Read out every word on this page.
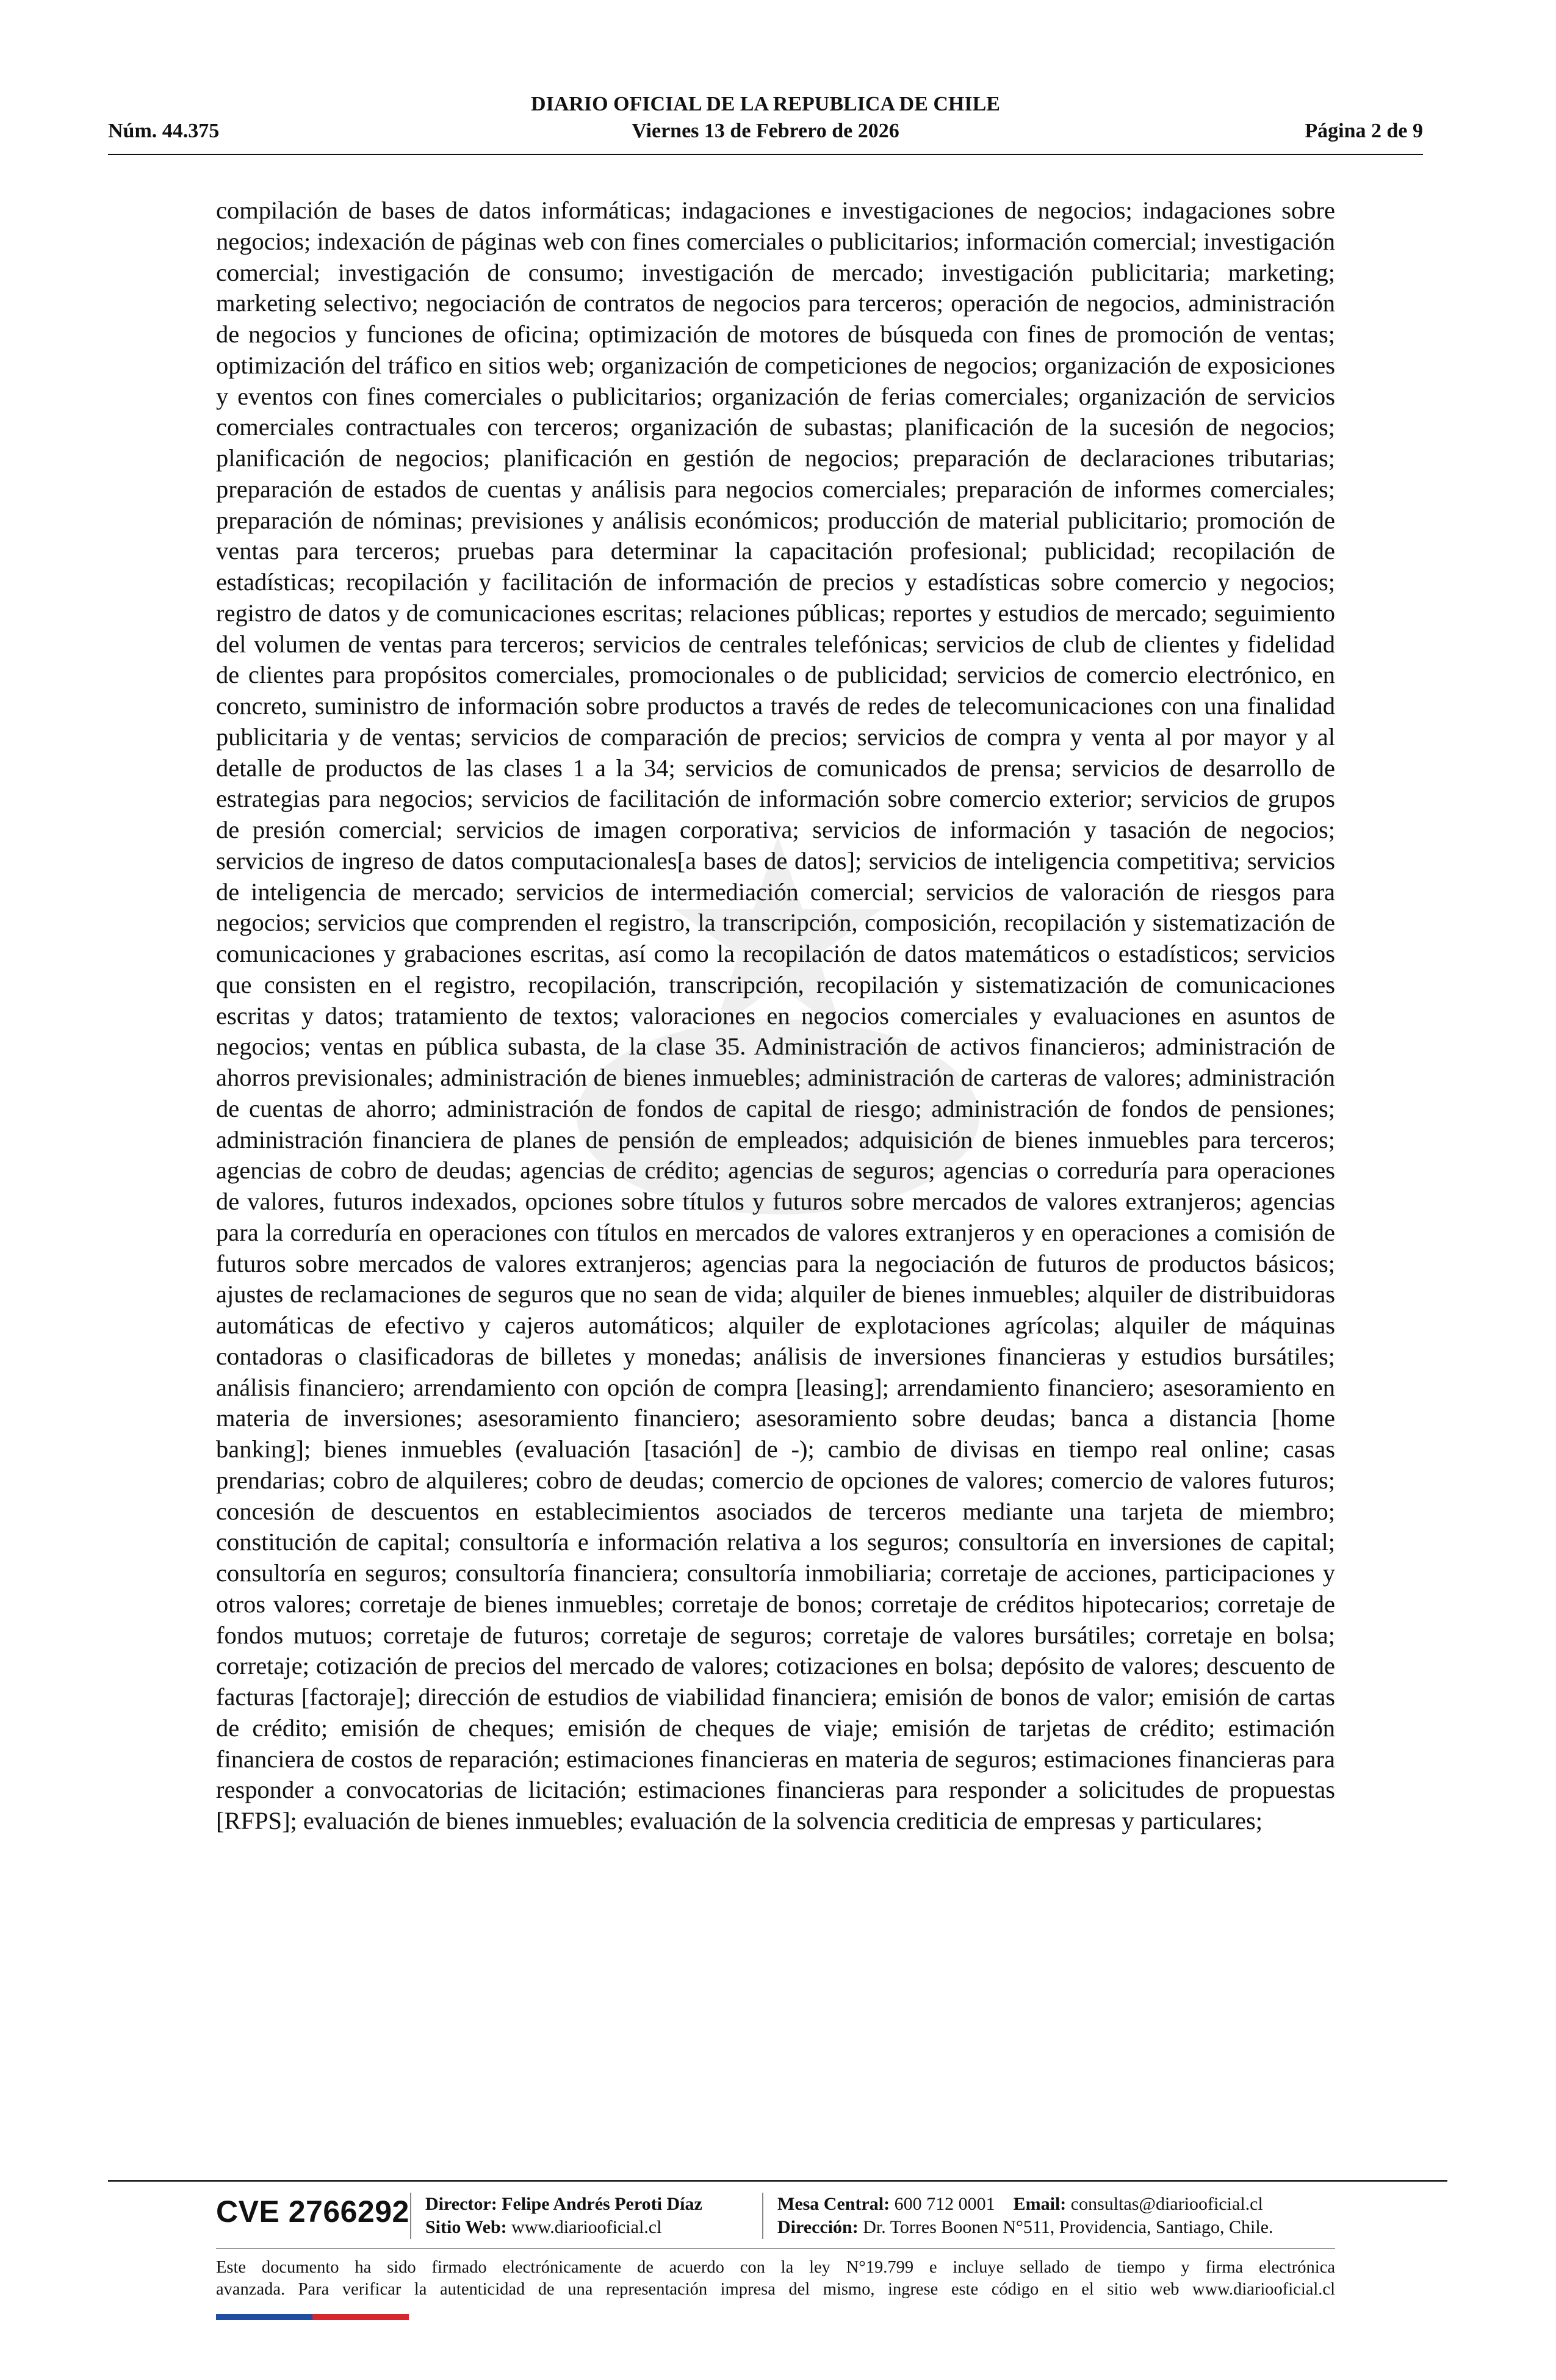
DIARIO OFICIAL DE LA REPUBLICA DE CHILE
Núm. 44.375	Viernes 13 de Febrero de 2026	Página 2 de 9
compilación de bases de datos informáticas; indagaciones e investigaciones de negocios; indagaciones sobre negocios; indexación de páginas web con fines comerciales o publicitarios; información comercial; investigación comercial; investigación de consumo; investigación de mercado; investigación publicitaria; marketing; marketing selectivo; negociación de contratos de negocios para terceros; operación de negocios, administración de negocios y funciones de oficina; optimización de motores de búsqueda con fines de promoción de ventas; optimización del tráfico en sitios web; organización de competiciones de negocios; organización de exposiciones y eventos con fines comerciales o publicitarios; organización de ferias comerciales; organización de servicios comerciales contractuales con terceros; organización de subastas; planificación de la sucesión de negocios; planificación de negocios; planificación en gestión de negocios; preparación de declaraciones tributarias; preparación de estados de cuentas y análisis para negocios comerciales; preparación de informes comerciales; preparación de nóminas; previsiones y análisis económicos; producción de material publicitario; promoción de ventas para terceros; pruebas para determinar la capacitación profesional; publicidad; recopilación de estadísticas; recopilación y facilitación de información de precios y estadísticas sobre comercio y negocios; registro de datos y de comunicaciones escritas; relaciones públicas; reportes y estudios de mercado; seguimiento del volumen de ventas para terceros; servicios de centrales telefónicas; servicios de club de clientes y fidelidad de clientes para propósitos comerciales, promocionales o de publicidad; servicios de comercio electrónico, en concreto, suministro de información sobre productos a través de redes de telecomunicaciones con una finalidad publicitaria y de ventas; servicios de comparación de precios; servicios de compra y venta al por mayor y al detalle de productos de las clases 1 a la 34; servicios de comunicados de prensa; servicios de desarrollo de estrategias para negocios; servicios de facilitación de información sobre comercio exterior; servicios de grupos de presión comercial; servicios de imagen corporativa; servicios de información y tasación de negocios; servicios de ingreso de datos computacionales[a bases de datos]; servicios de inteligencia competitiva; servicios de inteligencia de mercado; servicios de intermediación comercial; servicios de valoración de riesgos para negocios; servicios que comprenden el registro, la transcripción, composición, recopilación y sistematización de comunicaciones y grabaciones escritas, así como la recopilación de datos matemáticos o estadísticos; servicios que consisten en el registro, recopilación, transcripción, recopilación y sistematización de comunicaciones escritas y datos; tratamiento de textos; valoraciones en negocios comerciales y evaluaciones en asuntos de negocios; ventas en pública subasta, de la clase 35. Administración de activos financieros; administración de ahorros previsionales; administración de bienes inmuebles; administración de carteras de valores; administración de cuentas de ahorro; administración de fondos de capital de riesgo; administración de fondos de pensiones; administración financiera de planes de pensión de empleados; adquisición de bienes inmuebles para terceros; agencias de cobro de deudas; agencias de crédito; agencias de seguros; agencias o correduría para operaciones de valores, futuros indexados, opciones sobre títulos y futuros sobre mercados de valores extranjeros; agencias para la correduría en operaciones con títulos en mercados de valores extranjeros y en operaciones a comisión de futuros sobre mercados de valores extranjeros; agencias para la negociación de futuros de productos básicos; ajustes de reclamaciones de seguros que no sean de vida; alquiler de bienes inmuebles; alquiler de distribuidoras automáticas de efectivo y cajeros automáticos; alquiler de explotaciones agrícolas; alquiler de máquinas contadoras o clasificadoras de billetes y monedas; análisis de inversiones financieras y estudios bursátiles; análisis financiero; arrendamiento con opción de compra [leasing]; arrendamiento financiero; asesoramiento en materia de inversiones; asesoramiento financiero; asesoramiento sobre deudas; banca a distancia [home banking]; bienes inmuebles (evaluación [tasación] de -); cambio de divisas en tiempo real online; casas prendarias; cobro de alquileres; cobro de deudas; comercio de opciones de valores; comercio de valores futuros; concesión de descuentos en establecimientos asociados de terceros mediante una tarjeta de miembro; constitución de capital; consultoría e información relativa a los seguros; consultoría en inversiones de capital; consultoría en seguros; consultoría financiera; consultoría inmobiliaria; corretaje de acciones, participaciones y otros valores; corretaje de bienes inmuebles; corretaje de bonos; corretaje de créditos hipotecarios; corretaje de fondos mutuos; corretaje de futuros; corretaje de seguros; corretaje de valores bursátiles; corretaje en bolsa; corretaje; cotización de precios del mercado de valores; cotizaciones en bolsa; depósito de valores; descuento de facturas [factoraje]; dirección de estudios de viabilidad financiera; emisión de bonos de valor; emisión de cartas de crédito; emisión de cheques; emisión de cheques de viaje; emisión de tarjetas de crédito; estimación financiera de costos de reparación; estimaciones financieras en materia de seguros; estimaciones financieras para responder a convocatorias de licitación; estimaciones financieras para responder a solicitudes de propuestas [RFPS]; evaluación de bienes inmuebles; evaluación de la solvencia crediticia de empresas y particulares;
CVE 2766292 Director: Felipe Andrés Peroti Díaz
Sitio Web: www.diariooficial.cl
Mesa Central: 600 712 0001 Email: consultas@diariooficial.cl
Dirección: Dr. Torres Boonen N°511, Providencia, Santiago, Chile.
Este documento ha sido firmado electrónicamente de acuerdo con la ley N°19.799 e incluye sellado de tiempo y firma electrónica
avanzada. Para verificar la autenticidad de una representación impresa del mismo, ingrese este código en el sitio web www.diariooficial.cl
